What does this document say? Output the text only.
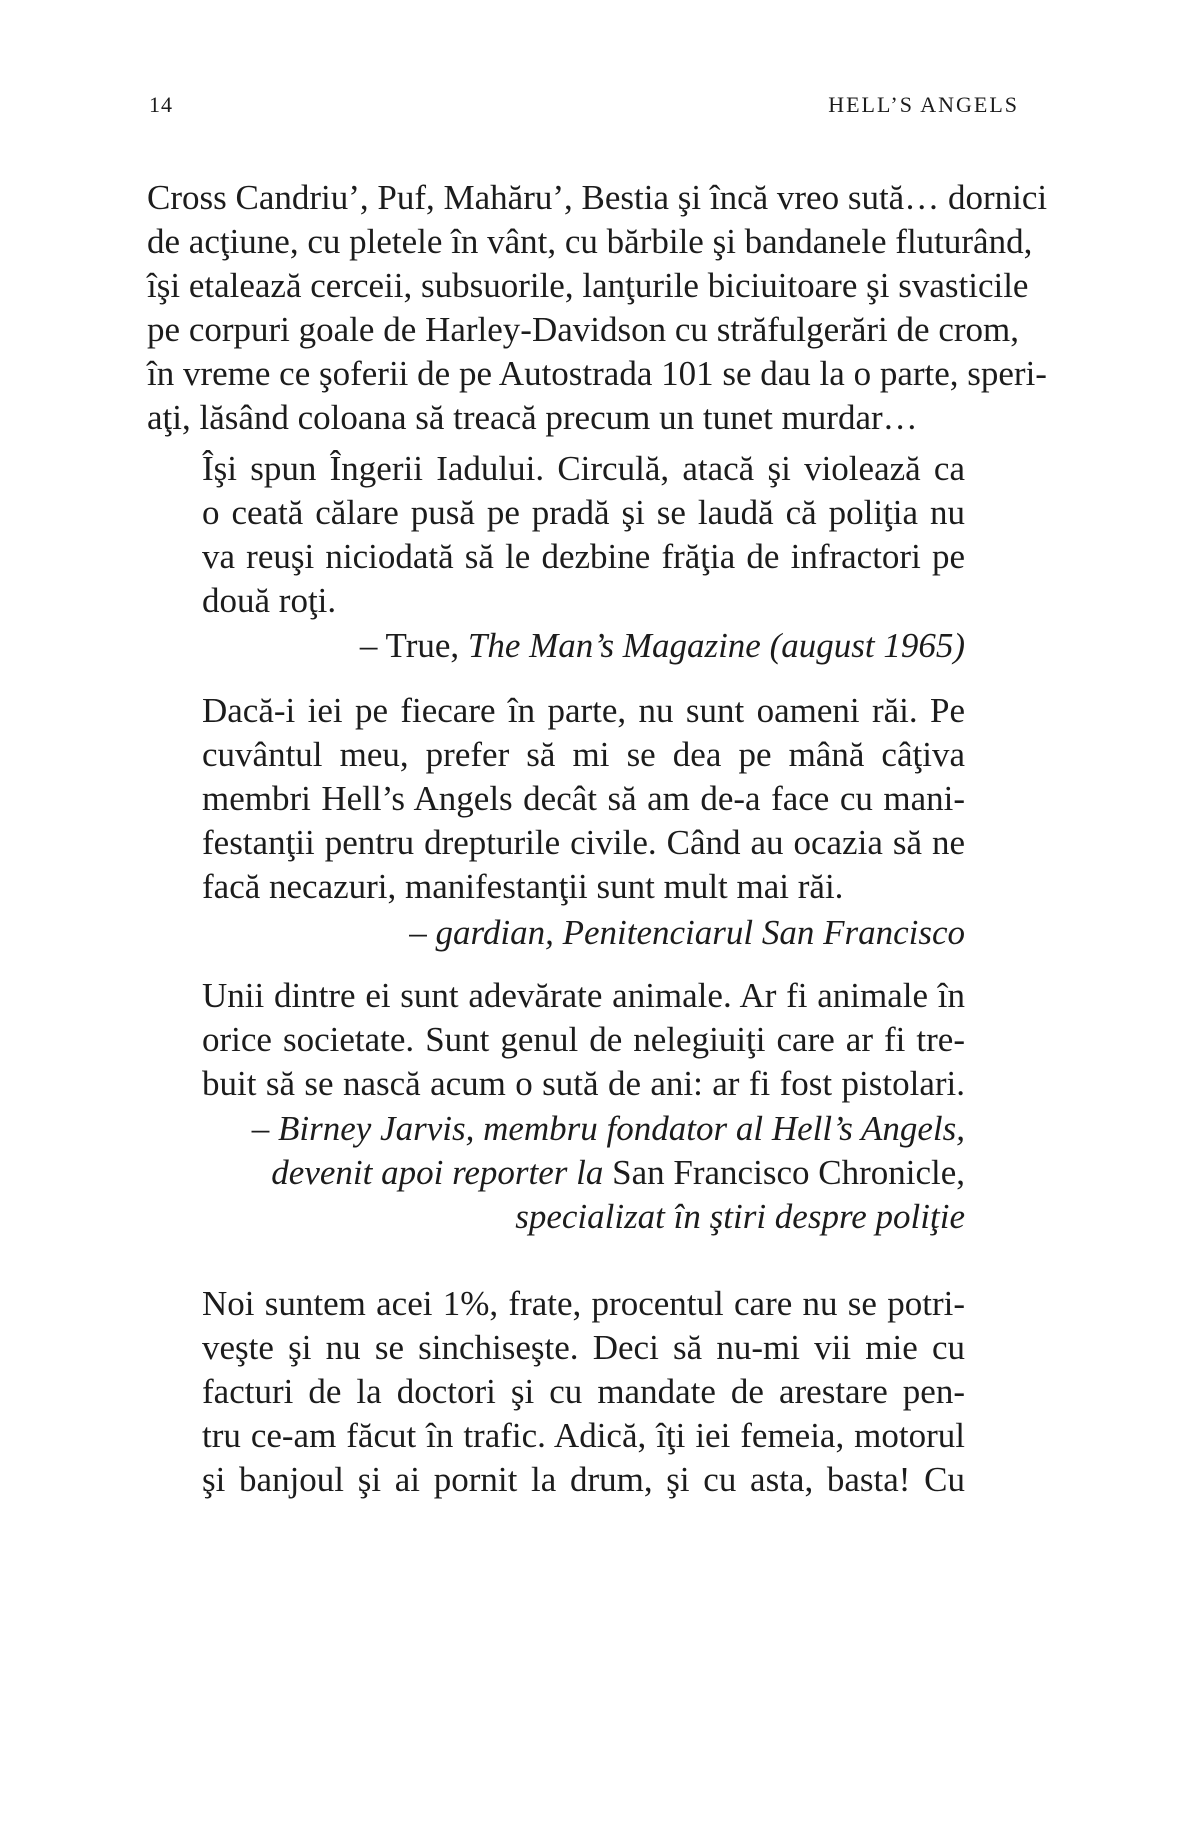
14	HELL’S ANGELS
Cross Candriu’, Puf, Mahăru’, Bestia şi încă vreo sută… dornici
de acţiune, cu pletele în vânt, cu bărbile şi bandanele fluturând,
îşi etalează cerceii, subsuorile, lanţurile biciuitoare şi svasticile
pe corpuri goale de Harley-Davidson cu străfulgerări de crom,
în vreme ce şoferii de pe Autostrada 101 se dau la o parte, speri-
aţi, lăsând coloana să treacă precum un tunet murdar…
Îşi spun Îngerii Iadului. Circulă, atacă şi violează ca
o ceată călare pusă pe pradă şi se laudă că poliţia nu
va reuşi niciodată să le dezbine frăţia de infractori pe
două roţi.
– True, The Man’s Magazine (august 1965)
Dacă-i iei pe fiecare în parte, nu sunt oameni răi. Pe
cuvântul meu, prefer să mi se dea pe mână câţiva
membri Hell’s Angels decât să am de-a face cu mani-
festanţii pentru drepturile civile. Când au ocazia să ne
facă necazuri, manifestanţii sunt mult mai răi.
– gardian, Penitenciarul San Francisco
Unii dintre ei sunt adevărate animale. Ar fi animale în
orice societate. Sunt genul de nelegiuiţi care ar fi tre-
buit să se nască acum o sută de ani: ar fi fost pistolari.
– Birney Jarvis, membru fondator al Hell’s Angels,
devenit apoi reporter la San Francisco Chronicle,
specializat în ştiri despre poliţie
Noi suntem acei 1%, frate, procentul care nu se potri-
veşte şi nu se sinchiseşte. Deci să nu-mi vii mie cu
facturi de la doctori şi cu mandate de arestare pen-
tru ce-am făcut în trafic. Adică, îţi iei femeia, motorul
şi banjoul şi ai pornit la drum, şi cu asta, basta! Cu
